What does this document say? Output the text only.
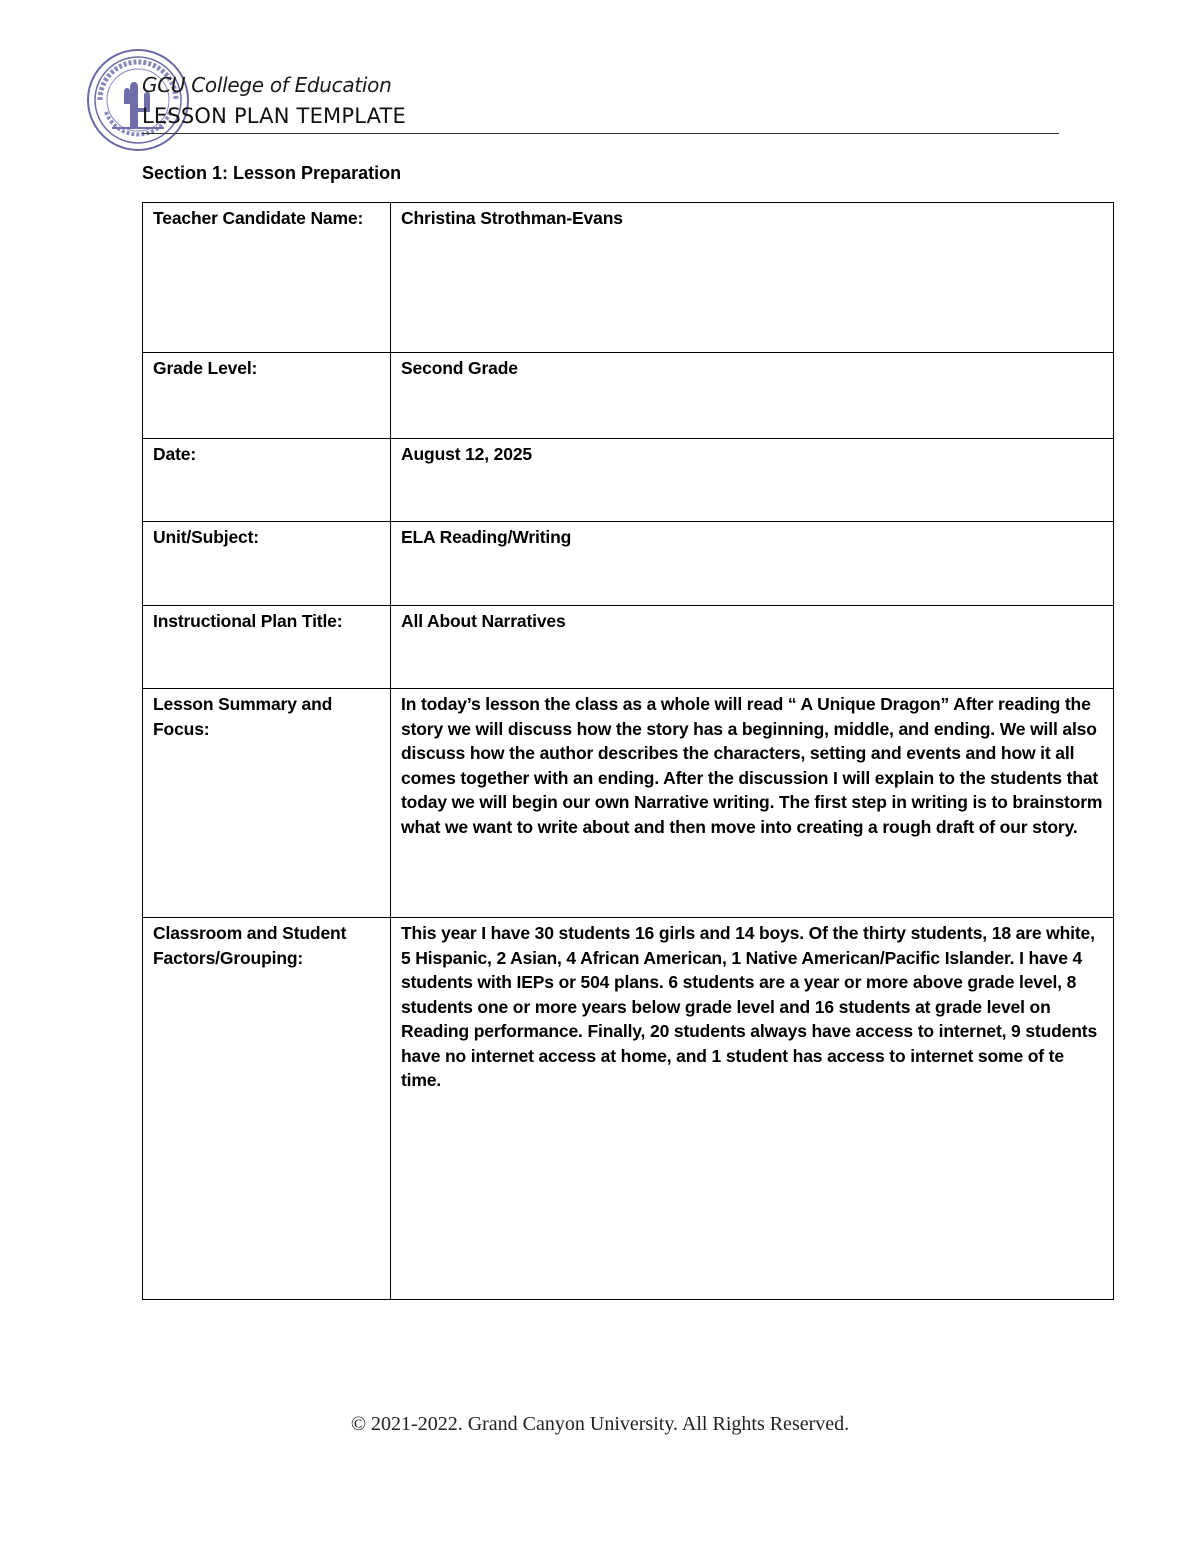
GCU College of Education
LESSON PLAN TEMPLATE
Section 1: Lesson Preparation
Teacher Candidate Name:	Christina Strothman-Evans
Grade Level:	Second Grade
Date:	August 12, 2025
Unit/Subject:	ELA Reading/Writing
Instructional Plan Title:	All About Narratives
Lesson Summary and Focus:	In today’s lesson the class as a whole will read “ A Unique Dragon” After reading the story we will discuss how the story has a beginning, middle, and ending. We will also discuss how the author describes the characters, setting and events and how it all comes together with an ending. After the discussion I will explain to the students that today we will begin our own Narrative writing. The first step in writing is to brainstorm what we want to write about and then move into creating a rough draft of our story.
Classroom and Student Factors/Grouping:	This year I have 30 students 16 girls and 14 boys. Of the thirty students, 18 are white, 5 Hispanic, 2 Asian, 4 African American, 1 Native American/Pacific Islander. I have 4 students with IEPs or 504 plans. 6 students are a year or more above grade level, 8 students one or more years below grade level and 16 students at grade level on Reading performance. Finally, 20 students always have access to internet, 9 students have no internet access at home, and 1 student has access to internet some of te time.
© 2021-2022. Grand Canyon University. All Rights Reserved.
